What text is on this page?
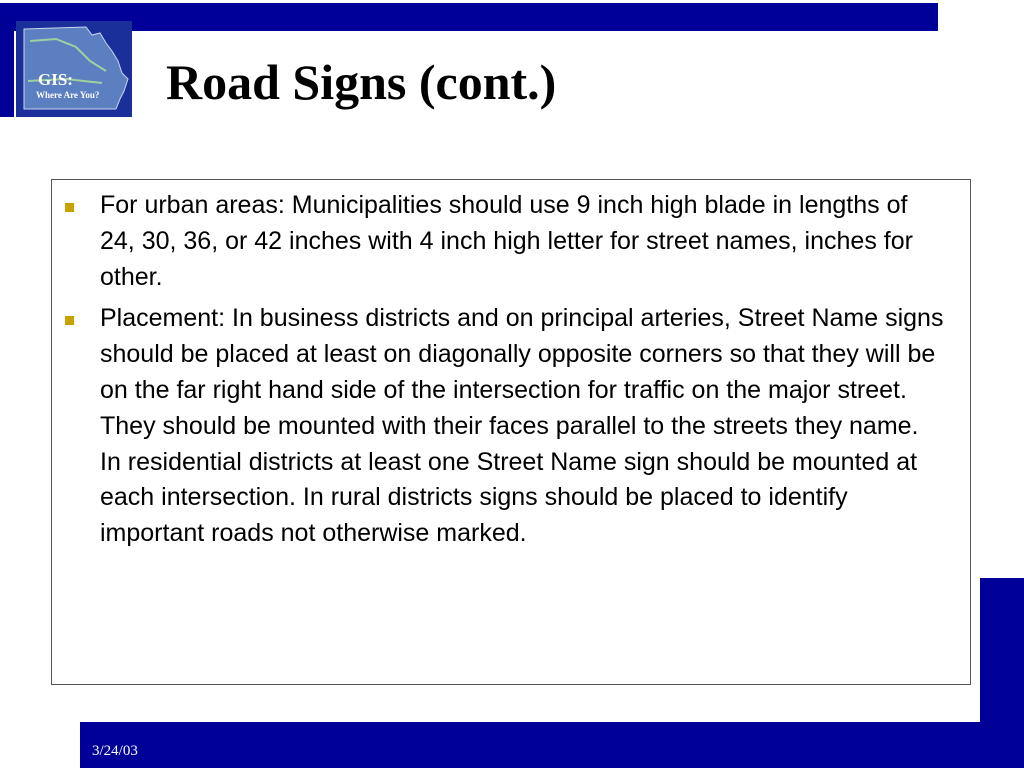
GIS:
Where Are You? Road Signs (cont.)
For urban areas: Municipalities should use 9 inch high blade in lengths of 24, 30, 36, or 42 inches with 4 inch high letter for street names, inches for other.
Placement: In business districts and on principal arteries, Street Name signs should be placed at least on diagonally opposite corners so that they will be on the far right hand side of the intersection for traffic on the major street. They should be mounted with their faces parallel to the streets they name. In residential districts at least one Street Name sign should be mounted at each intersection. In rural districts signs should be placed to identify important roads not otherwise marked.
3/24/03
